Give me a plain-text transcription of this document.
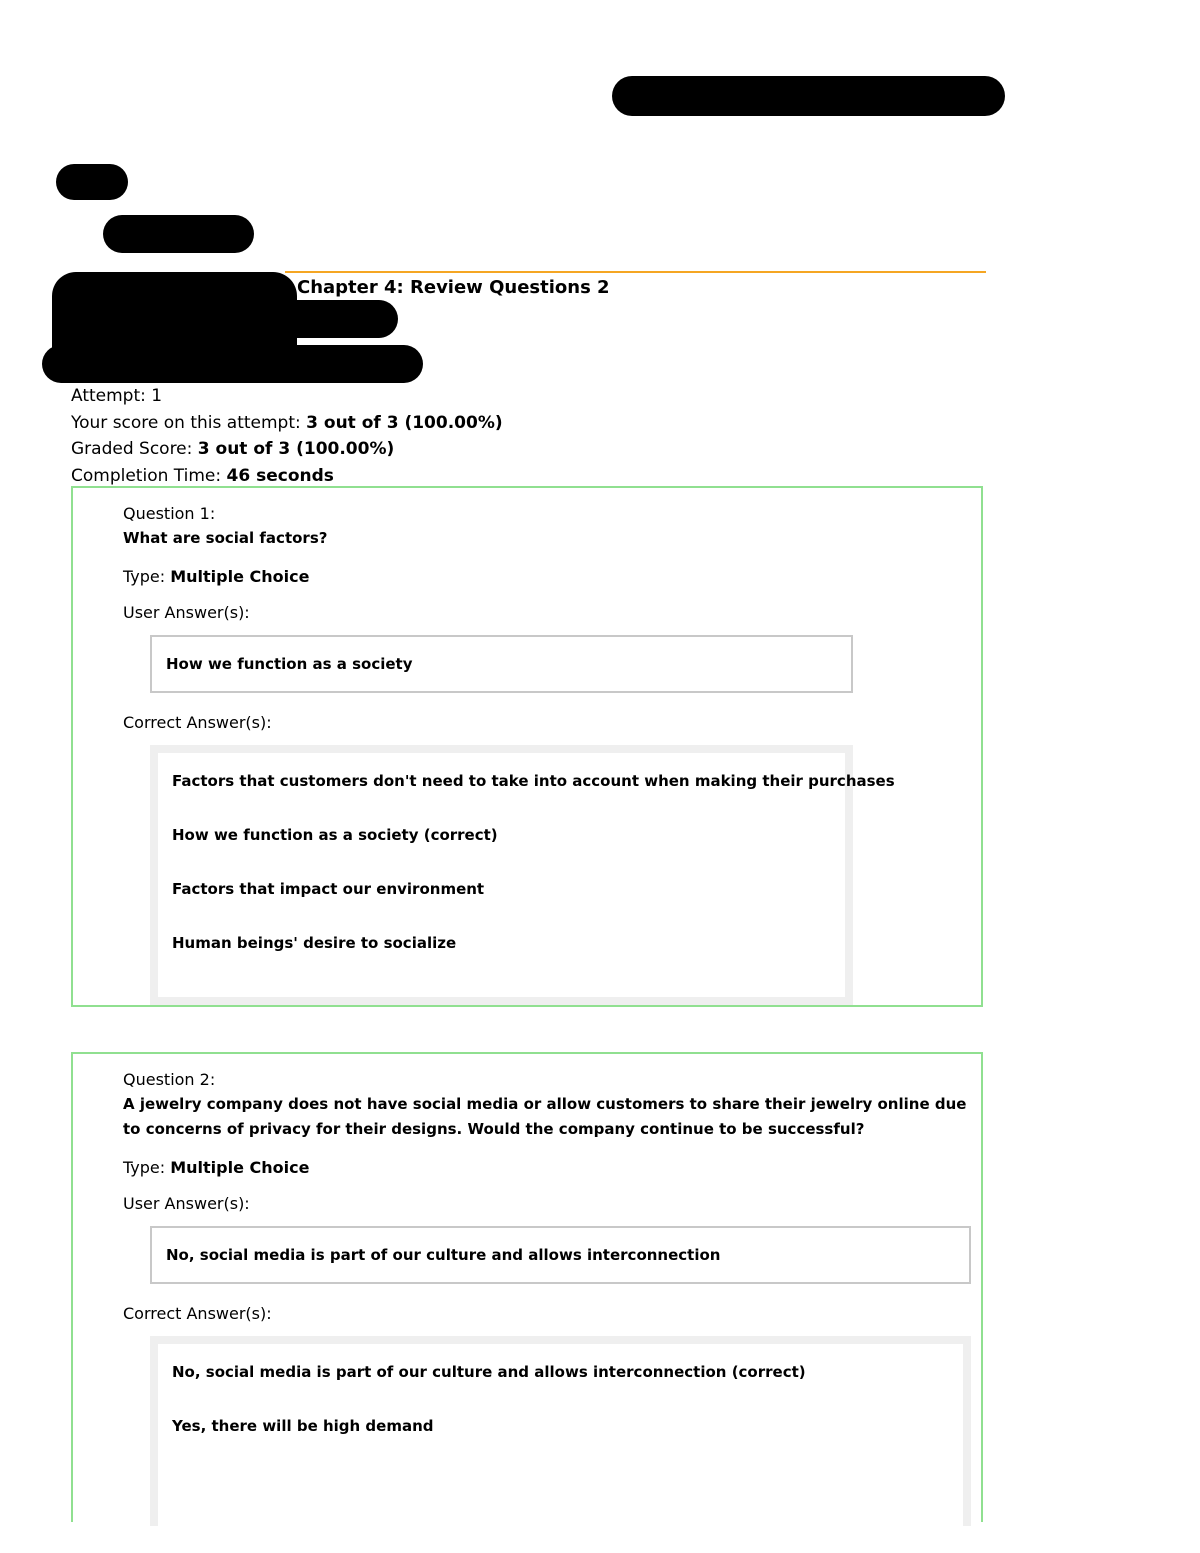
Chapter 4: Review Questions 2
Attempt: 1
Your score on this attempt: 3 out of 3 (100.00%)
Graded Score: 3 out of 3 (100.00%)
Completion Time: 46 seconds
Question 1:
What are social factors?
Type: Multiple Choice
User Answer(s):
How we function as a society
Correct Answer(s):
Factors that customers don't need to take into account when making their purchases
How we function as a society (correct)
Factors that impact our environment
Human beings' desire to socialize
Question 2:
A jewelry company does not have social media or allow customers to share their jewelry online due to concerns of privacy for their designs. Would the company continue to be successful?
Type: Multiple Choice
User Answer(s):
No, social media is part of our culture and allows interconnection
Correct Answer(s):
No, social media is part of our culture and allows interconnection (correct)
Yes, there will be high demand
